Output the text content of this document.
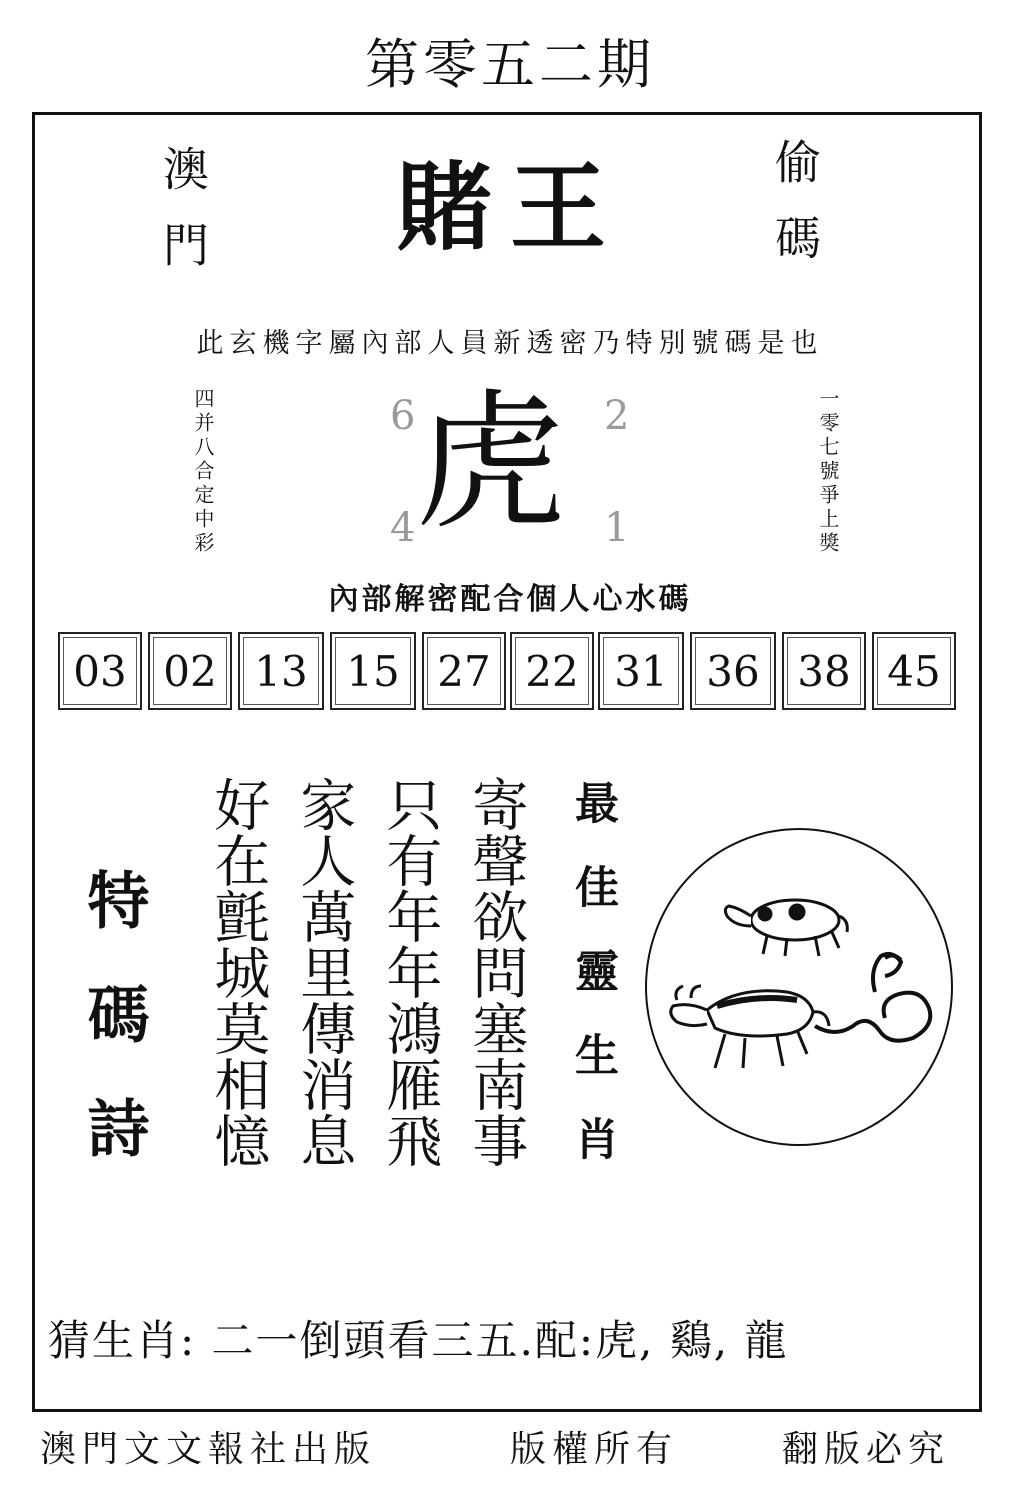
第零五二期
澳門	偷碼
賭王
此玄機字屬內部人員新透密乃特別號碼是也
四并八合定中彩	一零七號爭上獎
6	2
4	1
虎
內部解密配合個人心水碼
03 02 13 15 27 22 31 36 38 45
特碼詩	寄聲欲問塞南事
只有年年鴻雁飛
家人萬里傳消息
好在氈城莫相憶	最佳靈生肖
猜生肖: 二一倒頭看三五.配:虎, 鷄, 龍
澳門文文報社出版	版權所有	翻版必究
